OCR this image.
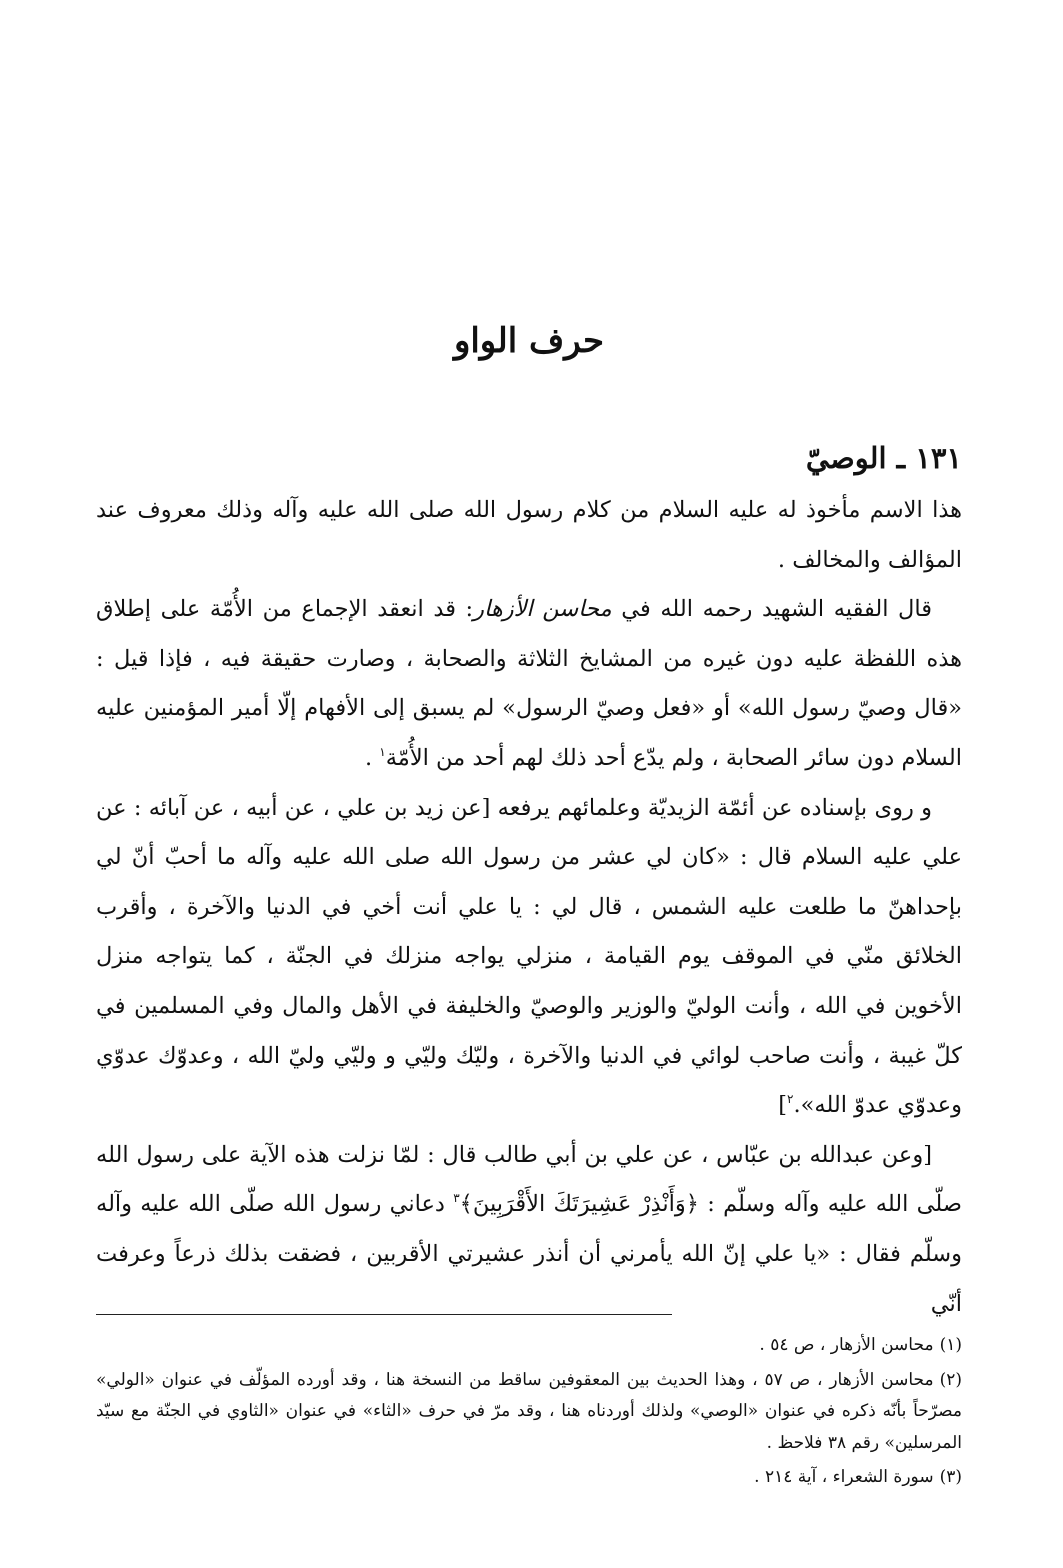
حرف الواو
١٣١ ـ الوصيّ

هذا الاسم مأخوذ له عليه السلام من كلام رسول الله صلى الله عليه وآله وذلك معروف عند المؤالف والمخالف .

قال الفقيه الشهيد رحمه الله في محاسن الأزهار: قد انعقد الإجماع من الأُمّة على إطلاق هذه اللفظة عليه دون غيره من المشايخ الثلاثة والصحابة ، وصارت حقيقة فيه ، فإذا قيل : «قال وصيّ رسول الله» أو «فعل وصيّ الرسول» لم يسبق إلى الأفهام إلّا أمير المؤمنين عليه السلام دون سائر الصحابة ، ولم يدّع أحد ذلك لهم أحد من الأُمّة$^١$ .

و روى بإسناده عن أئمّة الزيديّة وعلمائهم يرفعه [عن زيد بن علي ، عن أبيه ، عن آبائه : عن علي عليه السلام قال : «كان لي عشر من رسول الله صلى الله عليه وآله ما أحبّ أنّ لي بإحداهنّ ما طلعت عليه الشمس ، قال لي : يا علي أنت أخي في الدنيا والآخرة ، وأقرب الخلائق منّي في الموقف يوم القيامة ، منزلي يواجه منزلك في الجنّة ، كما يتواجه منزل الأخوين في الله ، وأنت الوليّ والوزير والوصيّ والخليفة في الأهل والمال وفي المسلمين في كلّ غيبة ، وأنت صاحب لوائي في الدنيا والآخرة ، وليّك وليّي و وليّي وليّ الله ، وعدوّك عدوّي وعدوّي عدوّ الله».$^٢$]

[وعن عبدالله بن عبّاس ، عن علي بن أبي طالب قال : لمّا نزلت هذه الآية على رسول الله صلّى الله عليه وآله وسلّم : ﴿وَأَنْذِرْ عَشِيرَتَكَ الأَقْرَبِينَ﴾$^٣$ دعاني رسول الله صلّى الله عليه وآله وسلّم فقال : «يا علي إنّ الله يأمرني أن أنذر عشيرتي الأقربين ، فضقت بذلك ذرعاً وعرفت أنّي

(١)محاسن الأزهار ، ص ٥٤ .

(٢)محاسن الأزهار ، ص ٥٧ ، وهذا الحديث بين المعقوفين ساقط من النسخة هنا ، وقد أورده المؤلّف في عنوان «الولي» مصرّحاً بأنّه ذكره في عنوان «الوصي» ولذلك أوردناه هنا ، وقد مرّ في حرف «الثاء» في عنوان «الثاوي في الجنّة مع سيّد المرسلين» رقم ٣٨ فلاحظ .

(٣)سورة الشعراء ، آية ٢١٤ .
